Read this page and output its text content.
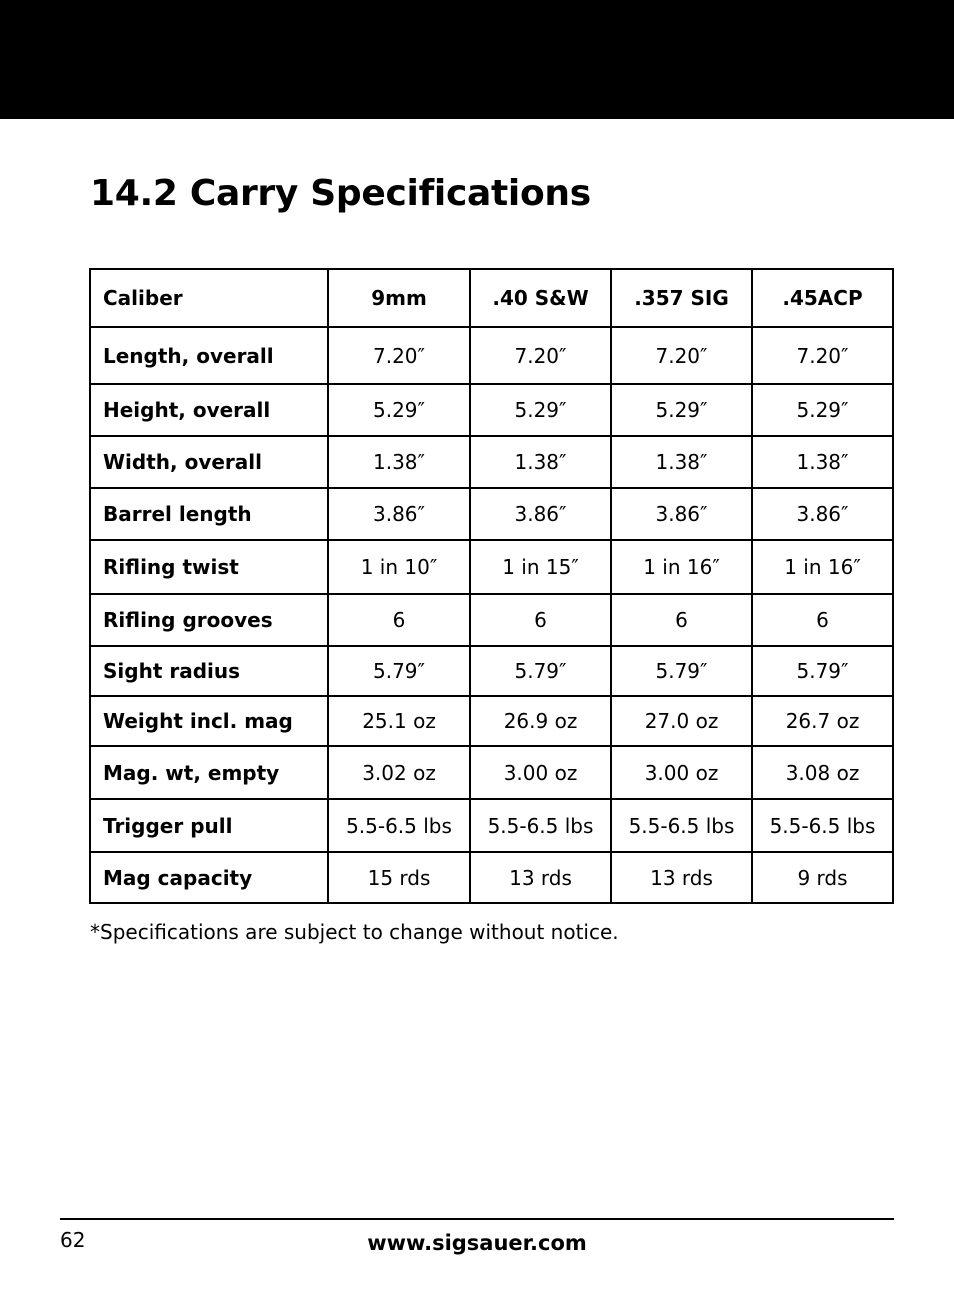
14.2 Carry Specifications
Caliber	9mm	.40 S&W	.357 SIG	.45ACP
Length, overall	7.20″	7.20″	7.20″	7.20″
Height, overall	5.29″	5.29″	5.29″	5.29″
Width, overall	1.38″	1.38″	1.38″	1.38″
Barrel length	3.86″	3.86″	3.86″	3.86″
Rifling twist	1 in 10″	1 in 15″	1 in 16″	1 in 16″
Rifling grooves	6	6	6	6
Sight radius	5.79″	5.79″	5.79″	5.79″
Weight incl. mag	25.1 oz	26.9 oz	27.0 oz	26.7 oz
Mag. wt, empty	3.02 oz	3.00 oz	3.00 oz	3.08 oz
Trigger pull	5.5-6.5 lbs	5.5-6.5 lbs	5.5-6.5 lbs	5.5-6.5 lbs
Mag capacity	15 rds	13 rds	13 rds	9 rds
*Specifications are subject to change without notice.
62	www.sigsauer.com
